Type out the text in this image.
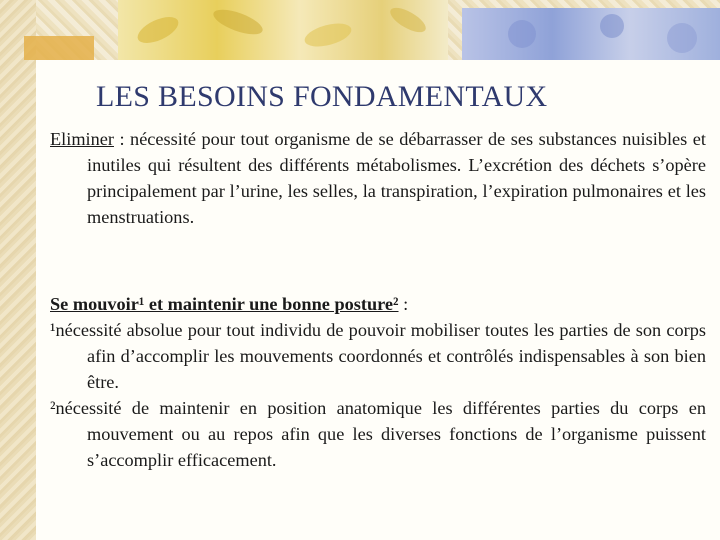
LES BESOINS FONDAMENTAUX

Eliminer : nécessité pour tout organisme de se débarrasser de ses substances nuisibles et inutiles qui résultent des différents métabolismes. L’excrétion des déchets s’opère principalement par l’urine, les selles, la transpiration, l’expiration pulmonaires et les menstruations.

Se mouvoir¹ et maintenir une bonne posture² :

¹nécessité absolue pour tout individu de pouvoir mobiliser toutes les parties de son corps afin d’accomplir les mouvements coordonnés et contrôlés indispensables à son bien être.

²nécessité de maintenir en position anatomique les différentes parties du corps en mouvement ou au repos afin que les diverses fonctions de l’organisme puissent s’accomplir efficacement.
